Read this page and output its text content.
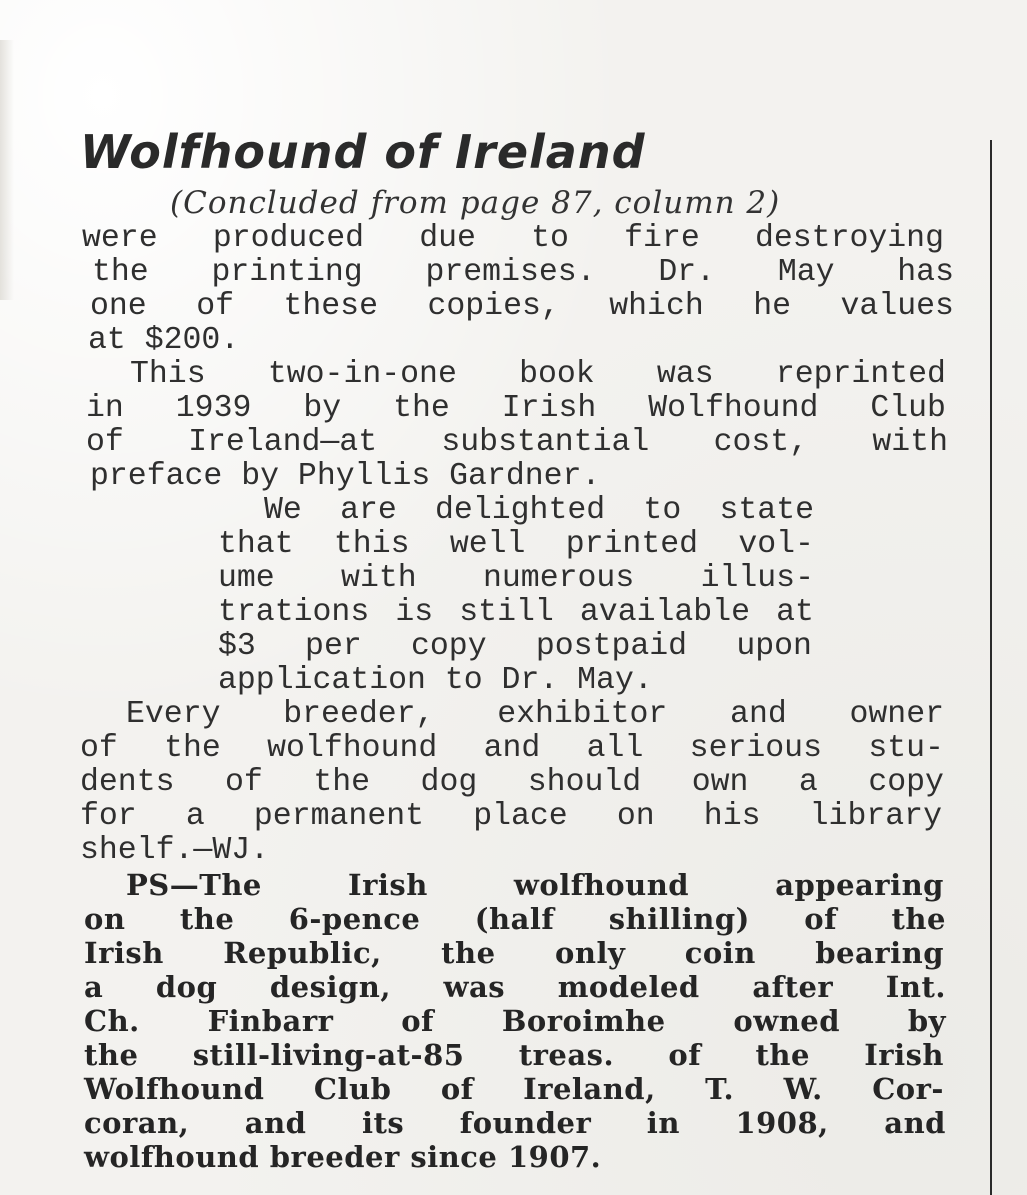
Wolfhound of Ireland
(Concluded from page 87, column 2)
were produced due to fire destroying
the printing premises. Dr. May has
one of these copies, which he values
at $200.
This two-in-one book was reprinted
in 1939 by the Irish Wolfhound Club
of Ireland—at substantial cost, with
preface by Phyllis Gardner.
We are delighted to state
that this well printed vol-
ume with numerous illus-
trations is still available at
$3 per copy postpaid upon
application to Dr. May.
Every breeder, exhibitor and owner
of the wolfhound and all serious stu-
dents of the dog should own a copy
for a permanent place on his library
shelf.—WJ.
PS—The	Irish	wolfhound	appearing
on the 6-pence (half shilling) of the
Irish Republic, the only coin bearing
a dog design, was modeled after Int.
Ch. Finbarr of Boroimhe owned by
the still-living-at-85 treas. of the Irish
Wolfhound Club of Ireland, T. W. Cor-
coran, and its founder in 1908, and
wolfhound breeder since 1907.
